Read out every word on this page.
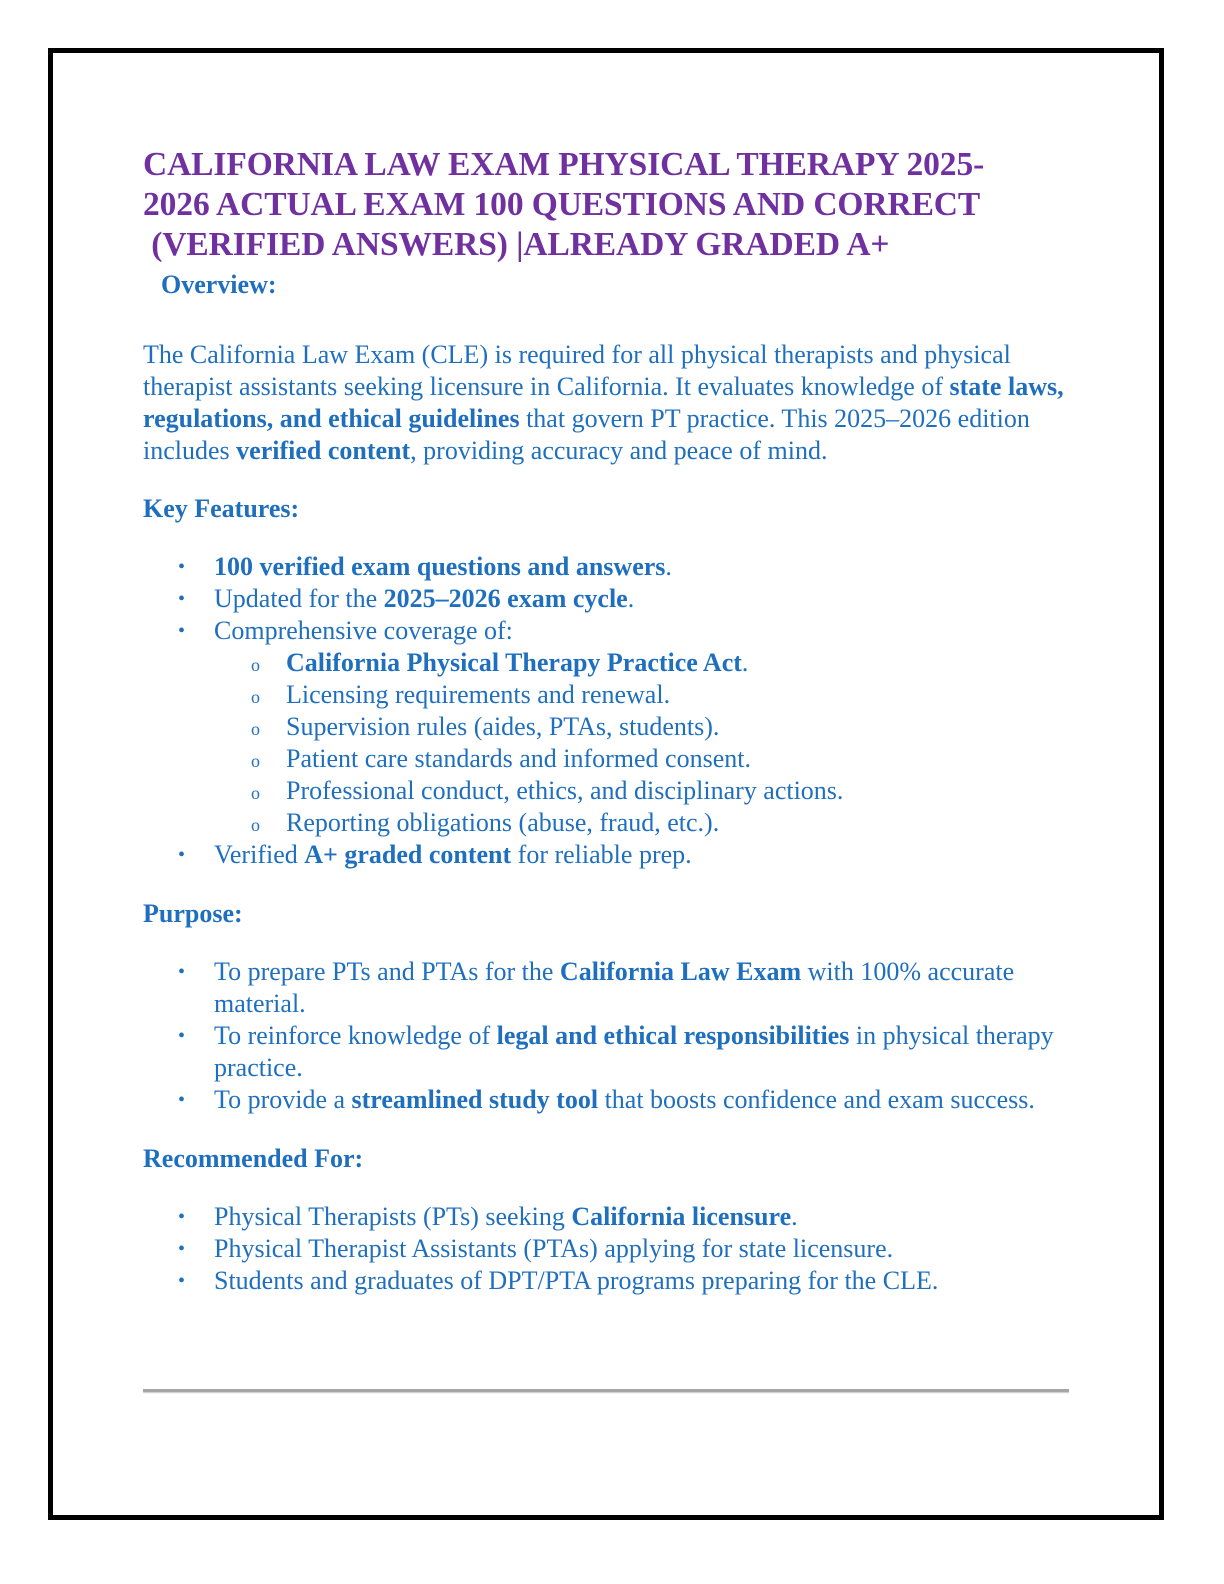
CALIFORNIA LAW EXAM PHYSICAL THERAPY 2025-
2026 ACTUAL EXAM 100 QUESTIONS AND CORRECT
(VERIFIED ANSWERS) |ALREADY GRADED A+
Overview:

The California Law Exam (CLE) is required for all physical therapists and physical therapist assistants seeking licensure in California. It evaluates knowledge of state laws, regulations, and ethical guidelines that govern PT practice. This 2025–2026 edition includes verified content, providing accuracy and peace of mind.

Key Features:
• 100 verified exam questions and answers.
• Updated for the 2025–2026 exam cycle.
• Comprehensive coverage of:
o California Physical Therapy Practice Act.
o Licensing requirements and renewal.
o Supervision rules (aides, PTAs, students).
o Patient care standards and informed consent.
o Professional conduct, ethics, and disciplinary actions.
o Reporting obligations (abuse, fraud, etc.).
• Verified A+ graded content for reliable prep.
Purpose:
• To prepare PTs and PTAs for the California Law Exam with 100% accurate material.
• To reinforce knowledge of legal and ethical responsibilities in physical therapy practice.
• To provide a streamlined study tool that boosts confidence and exam success.
Recommended For:
• Physical Therapists (PTs) seeking California licensure.
• Physical Therapist Assistants (PTAs) applying for state licensure.
• Students and graduates of DPT/PTA programs preparing for the CLE.
